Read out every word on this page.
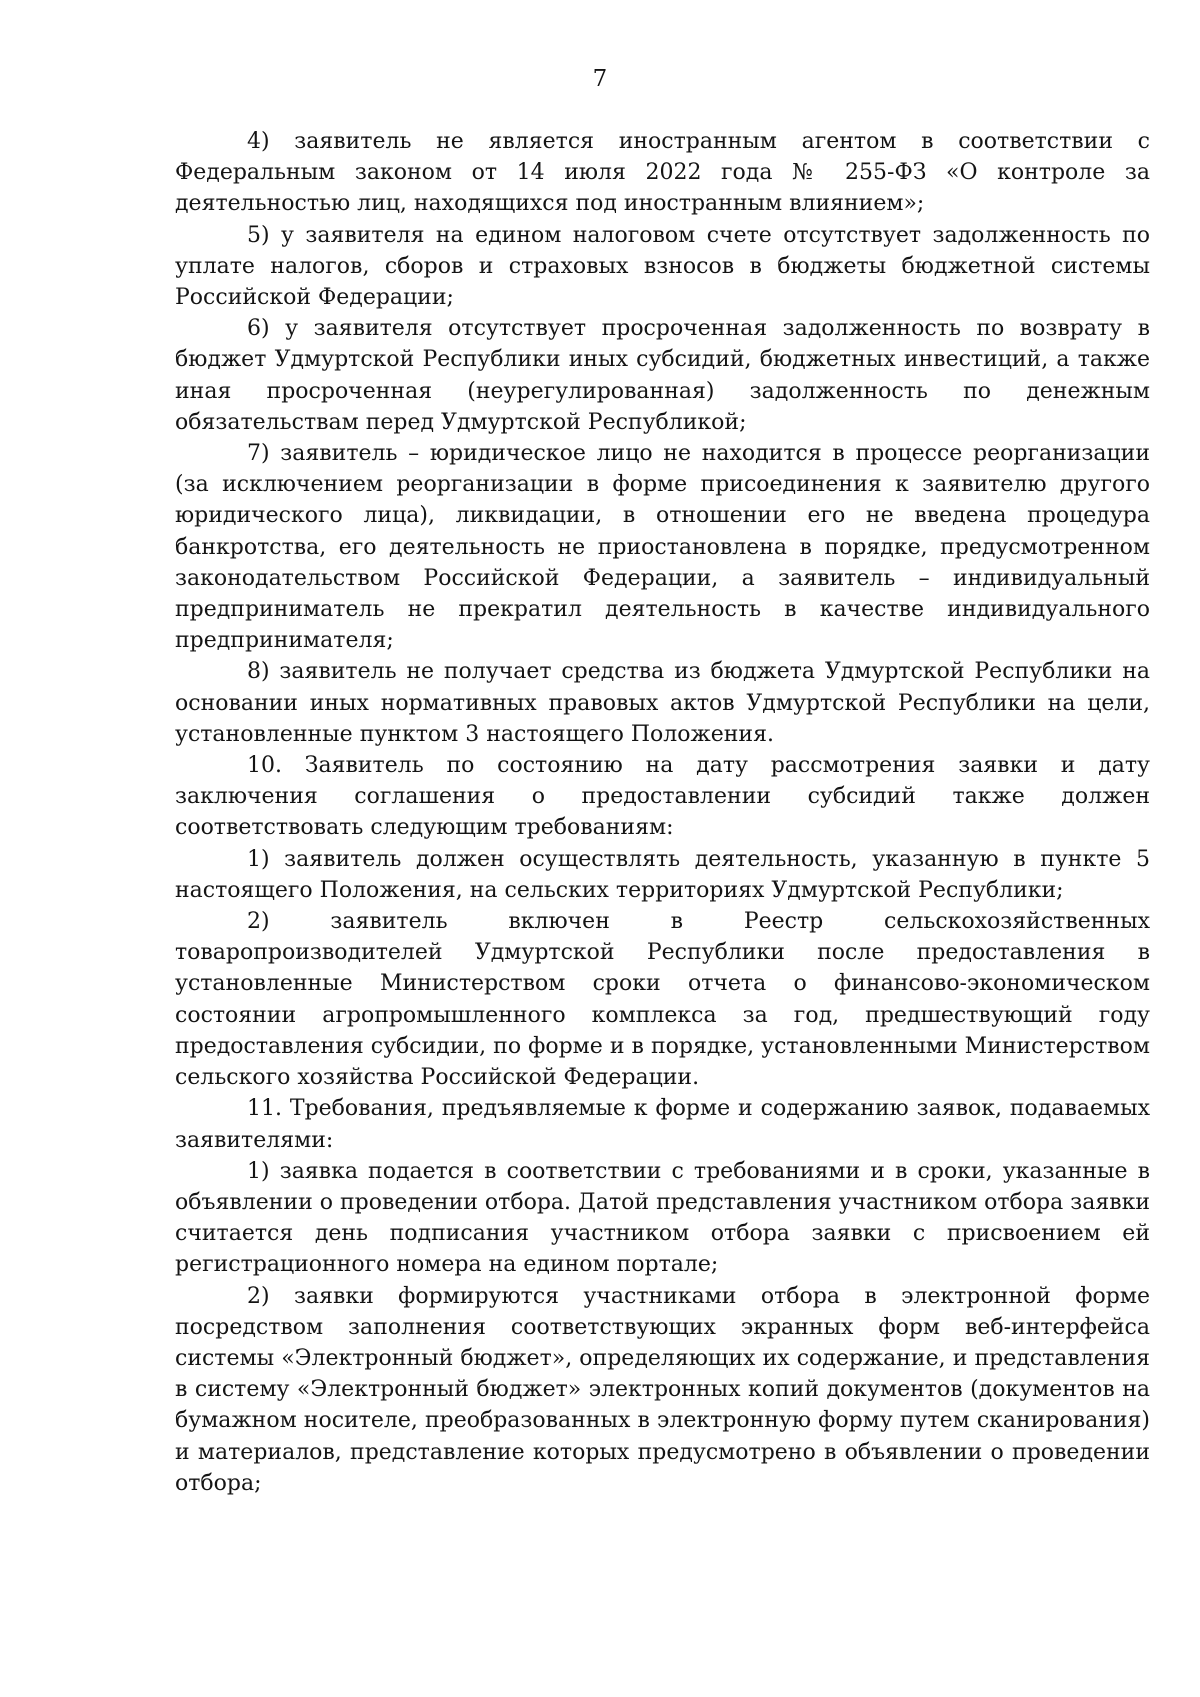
7

4) заявитель не является иностранным агентом в соответствии с Федеральным законом от 14 июля 2022 года № 255-ФЗ «О контроле за деятельностью лиц, находящихся под иностранным влиянием»;

5) у заявителя на едином налоговом счете отсутствует задолженность по уплате налогов, сборов и страховых взносов в бюджеты бюджетной системы Российской Федерации;

6) у заявителя отсутствует просроченная задолженность по возврату в бюджет Удмуртской Республики иных субсидий, бюджетных инвестиций, а также иная просроченная (неурегулированная) задолженность по денежным обязательствам перед Удмуртской Республикой;

7) заявитель – юридическое лицо не находится в процессе реорганизации (за исключением реорганизации в форме присоединения к заявителю другого юридического лица), ликвидации, в отношении его не введена процедура банкротства, его деятельность не приостановлена в порядке, предусмотренном законодательством Российской Федерации, а заявитель – индивидуальный предприниматель не прекратил деятельность в качестве индивидуального предпринимателя;

8) заявитель не получает средства из бюджета Удмуртской Республики на основании иных нормативных правовых актов Удмуртской Республики на цели, установленные пунктом 3 настоящего Положения.

10. Заявитель по состоянию на дату рассмотрения заявки и дату заключения соглашения о предоставлении субсидий также должен соответствовать следующим требованиям:

1) заявитель должен осуществлять деятельность, указанную в пункте 5 настоящего Положения, на сельских территориях Удмуртской Республики;

2) заявитель включен в Реестр сельскохозяйственных товаропроизводителей Удмуртской Республики после предоставления в установленные Министерством сроки отчета о финансово-экономическом состоянии агропромышленного комплекса за год, предшествующий году предоставления субсидии, по форме и в порядке, установленными Министерством сельского хозяйства Российской Федерации.

11. Требования, предъявляемые к форме и содержанию заявок, подаваемых заявителями:

1) заявка подается в соответствии с требованиями и в сроки, указанные в объявлении о проведении отбора. Датой представления участником отбора заявки считается день подписания участником отбора заявки с присвоением ей регистрационного номера на едином портале;

2) заявки формируются участниками отбора в электронной форме посредством заполнения соответствующих экранных форм веб-интерфейса системы «Электронный бюджет», определяющих их содержание, и представления в систему «Электронный бюджет» электронных копий документов (документов на бумажном носителе, преобразованных в электронную форму путем сканирования) и материалов, представление которых предусмотрено в объявлении о проведении отбора;
